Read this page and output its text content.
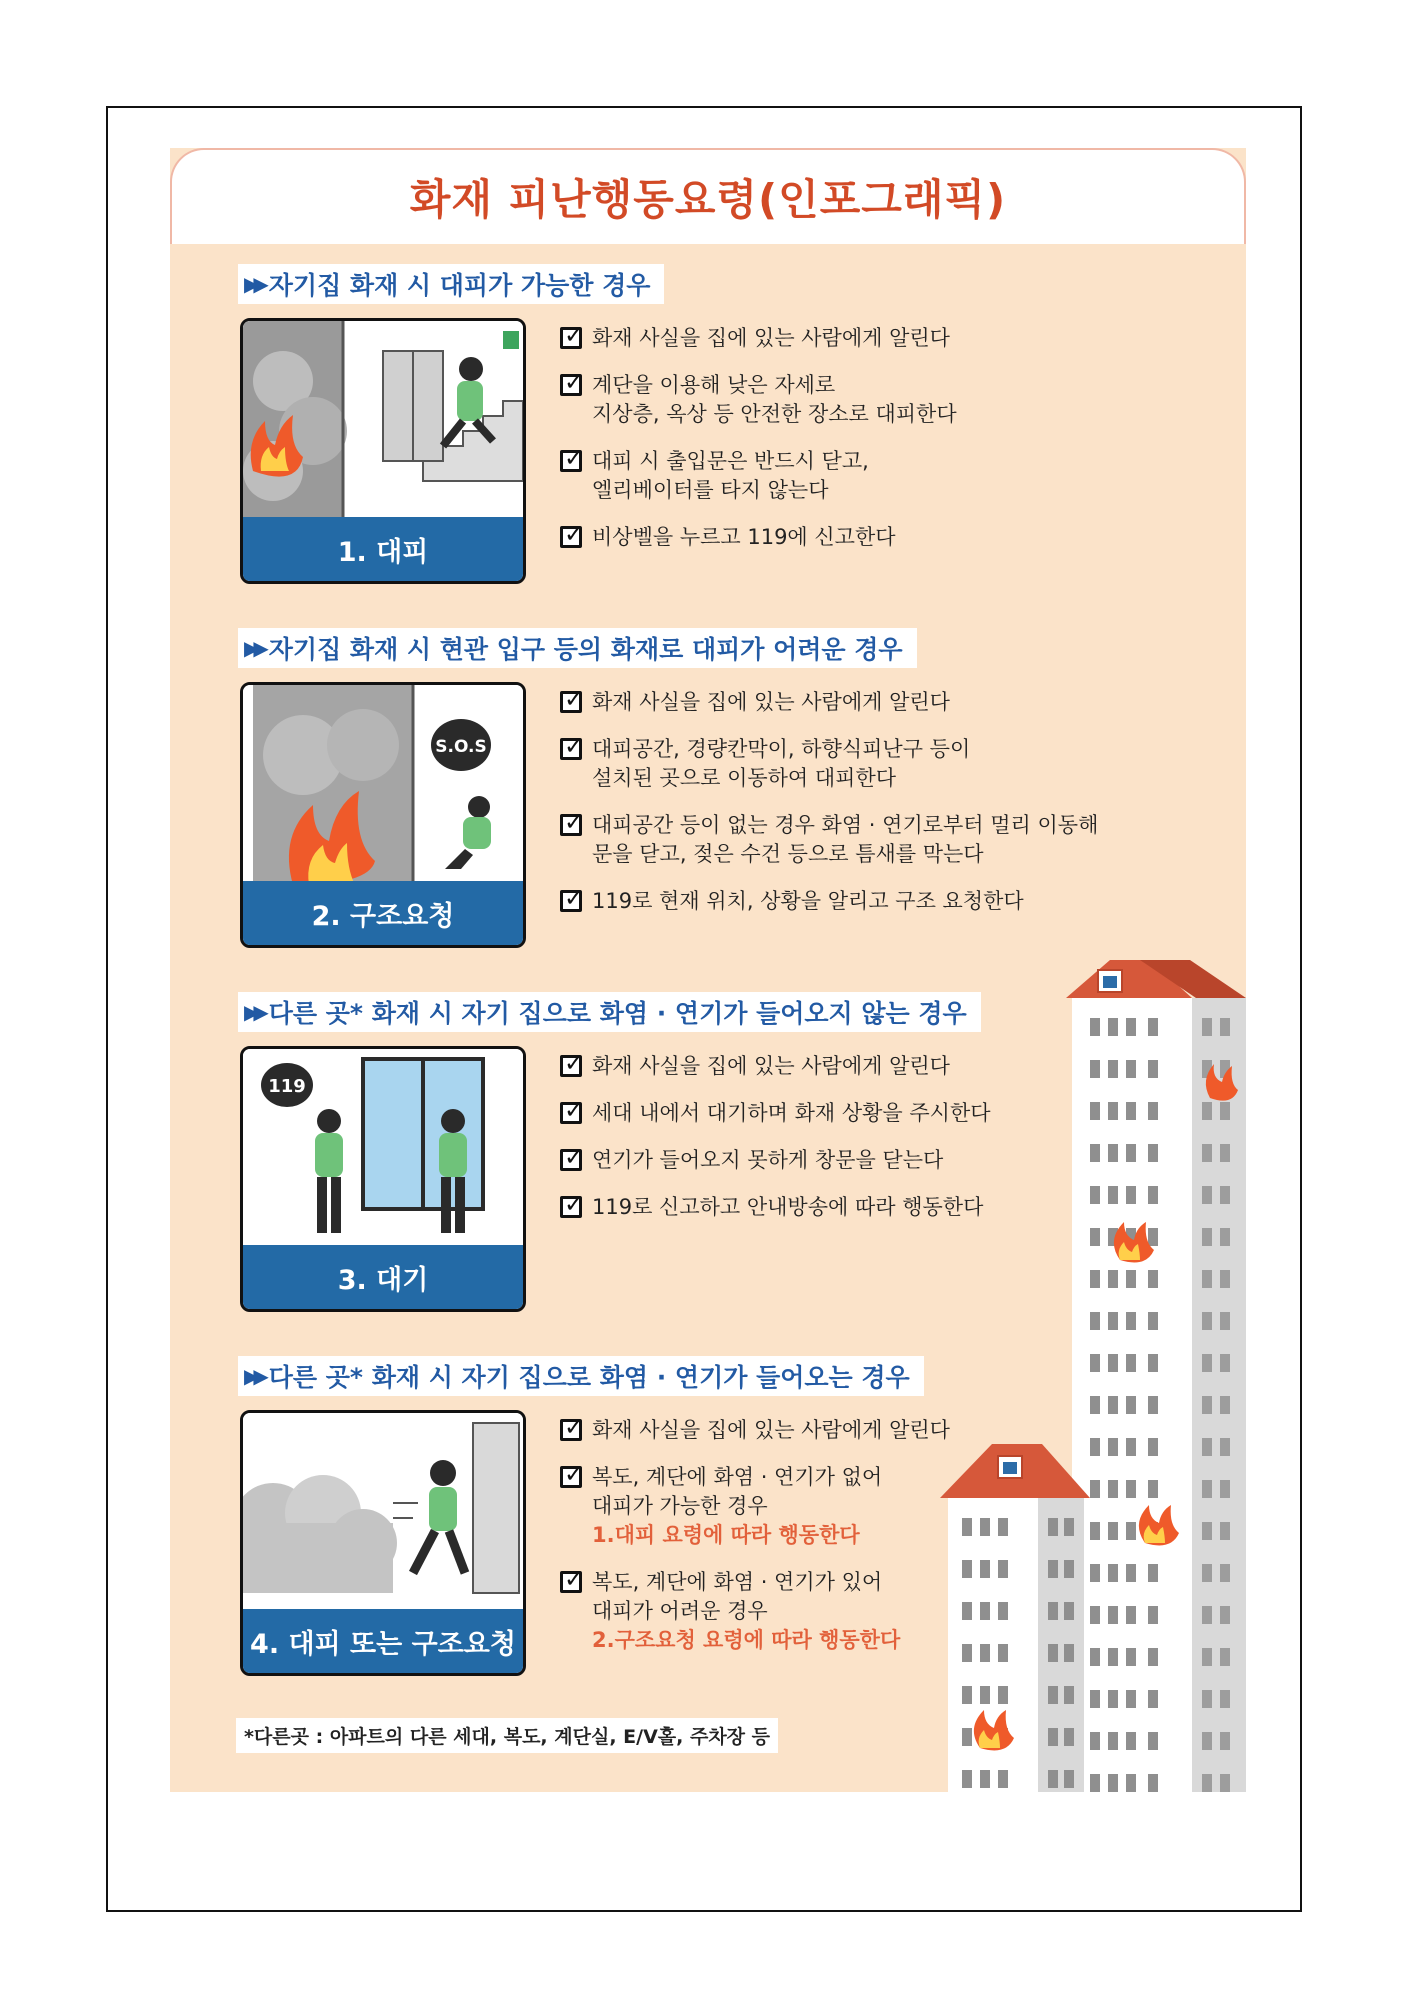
화재 피난행동요령(인포그래픽)
▶▶ 자기집 화재 시 대피가 가능한 경우
1. 대피
✓
화재 사실을 집에 있는 사람에게 알린다
✓
계단을 이용해 낮은 자세로
지상층, 옥상 등 안전한 장소로 대피한다
✓
대피 시 출입문은 반드시 닫고,
엘리베이터를 타지 않는다
✓
비상벨을 누르고 119에 신고한다
▶▶ 자기집 화재 시 현관 입구 등의 화재로 대피가 어려운 경우
S.O.S
2. 구조요청
✓
화재 사실을 집에 있는 사람에게 알린다
✓
대피공간, 경량칸막이, 하향식피난구 등이
설치된 곳으로 이동하여 대피한다
✓
대피공간 등이 없는 경우 화염 · 연기로부터 멀리 이동해
문을 닫고, 젖은 수건 등으로 틈새를 막는다
✓
119로 현재 위치, 상황을 알리고 구조 요청한다
▶▶ 다른 곳* 화재 시 자기 집으로 화염 · 연기가 들어오지 않는 경우
119
3. 대기
✓
화재 사실을 집에 있는 사람에게 알린다
✓
세대 내에서 대기하며 화재 상황을 주시한다
✓
연기가 들어오지 못하게 창문을 닫는다
✓
119로 신고하고 안내방송에 따라 행동한다
▶▶ 다른 곳* 화재 시 자기 집으로 화염 · 연기가 들어오는 경우
4. 대피 또는 구조요청
✓
화재 사실을 집에 있는 사람에게 알린다
✓
복도, 계단에 화염 · 연기가 없어
대피가 가능한 경우
1.대피 요령에 따라 행동한다
✓
복도, 계단에 화염 · 연기가 있어
대피가 어려운 경우
2.구조요청 요령에 따라 행동한다
*다른곳 : 아파트의 다른 세대, 복도, 계단실, E/V홀, 주차장 등
